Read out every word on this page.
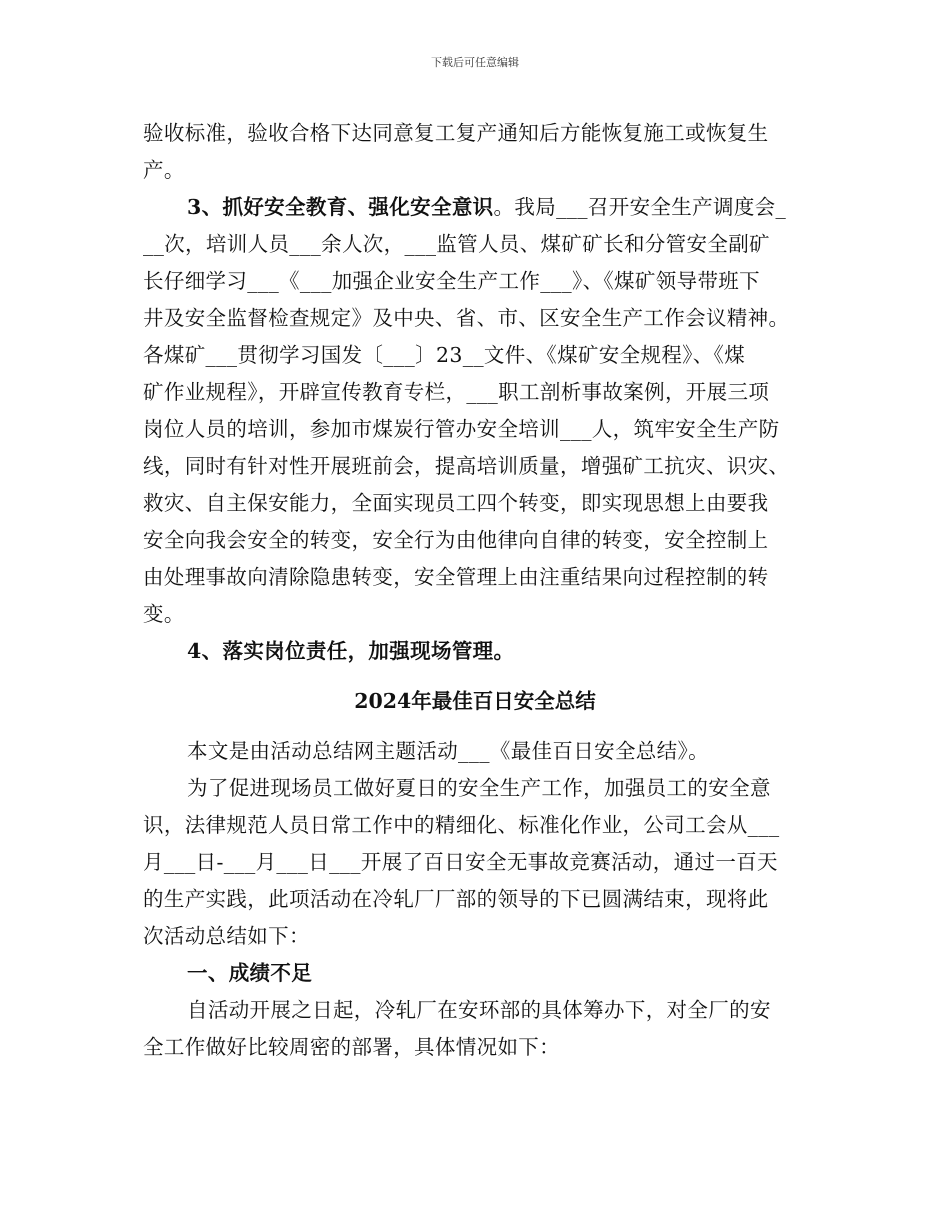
下载后可任意编辑
验收标准，验收合格下达同意复工复产通知后方能恢复施工或恢复生
产。
3、抓好安全教育、强化安全意识。我局___召开安全生产调度会_
__次，培训人员___余人次，___监管人员、煤矿矿长和分管安全副矿
长仔细学习___《___加强企业安全生产工作___》、《煤矿领导带班下
井及安全监督检查规定》及中央、省、市、区安全生产工作会议精神。
各煤矿___贯彻学习国发〔___〕23__文件、《煤矿安全规程》、《煤
矿作业规程》，开辟宣传教育专栏，___职工剖析事故案例，开展三项
岗位人员的培训，参加市煤炭行管办安全培训___人，筑牢安全生产防
线，同时有针对性开展班前会，提高培训质量，增强矿工抗灾、识灾、
救灾、自主保安能力，全面实现员工四个转变，即实现思想上由要我
安全向我会安全的转变，安全行为由他律向自律的转变，安全控制上
由处理事故向清除隐患转变，安全管理上由注重结果向过程控制的转
变。
4、落实岗位责任，加强现场管理。
2024年最佳百日安全总结
本文是由活动总结网主题活动___《最佳百日安全总结》。
为了促进现场员工做好夏日的安全生产工作，加强员工的安全意
识，法律规范人员日常工作中的精细化、标准化作业，公司工会从___
月___日-___月___日___开展了百日安全无事故竞赛活动，通过一百天
的生产实践，此项活动在冷轧厂厂部的领导的下已圆满结束，现将此
次活动总结如下：
一、成绩不足
自活动开展之日起，冷轧厂在安环部的具体筹办下，对全厂的安
全工作做好比较周密的部署，具体情况如下：
